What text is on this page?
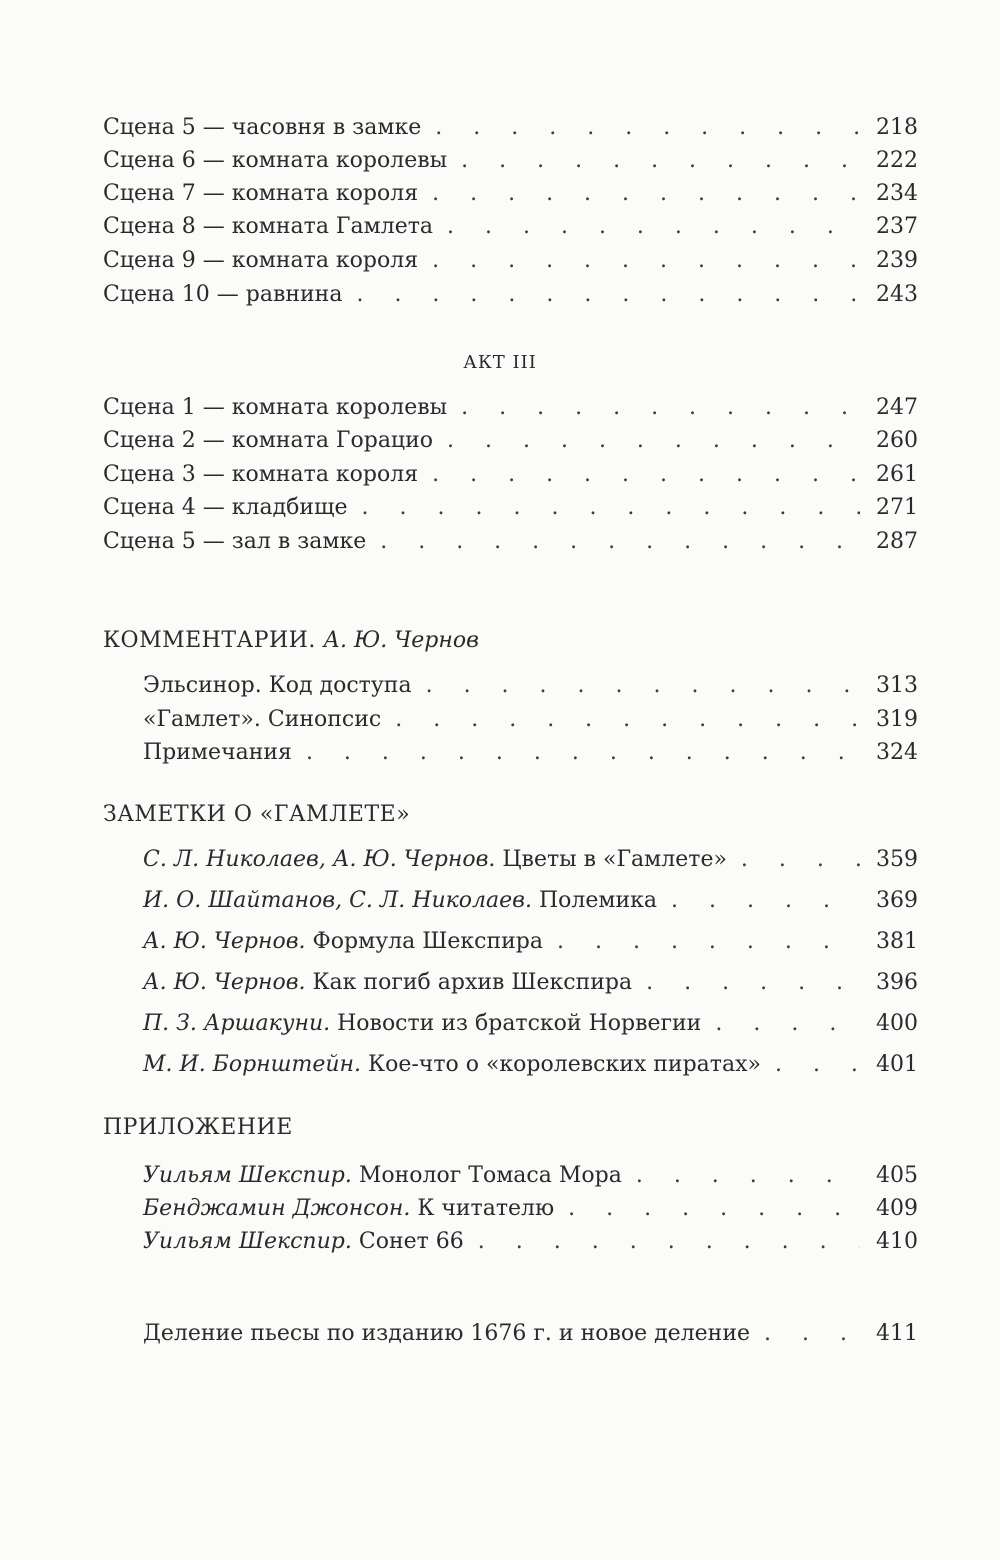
Сцена 5 — часовня в замке . . .	218
Сцена 6 — комната королевы . . .	222
Сцена 7 — комната короля . . .	234
Сцена 8 — комната Гамлета . . .	237
Сцена 9 — комната короля . . .	239
Сцена 10 — равнина . . .	243
АКТ III
Сцена 1 — комната королевы . . .	247
Сцена 2 — комната Горацио . . .	260
Сцена 3 — комната короля . . .	261
Сцена 4 — кладбище . . .	271
Сцена 5 — зал в замке . . .	287
КОММЕНТАРИИ. А. Ю. Чернов
Эльсинор. Код доступа . . .	313
«Гамлет». Синопсис . . .	319
Примечания . . .	324
ЗАМЕТКИ О «ГАМЛЕТЕ»
С. Л. Николаев, А. Ю. Чернов. Цветы в «Гамлете» . . .	359
И. О. Шайтанов, С. Л. Николаев. Полемика . . .	369
А. Ю. Чернов. Формула Шекспира . . .	381
А. Ю. Чернов. Как погиб архив Шекспира . . .	396
П. З. Аршакуни. Новости из братской Норвегии . . .	400
М. И. Борнштейн. Кое-что о «королевских пиратах» . . .	401
ПРИЛОЖЕНИЕ
Уильям Шекспир. Монолог Томаса Мора . . .	405
Бенджамин Джонсон. К читателю . . .	409
Уильям Шекспир. Сонет 66 . . .	410
Деление пьесы по изданию 1676 г. и новое деление . . .	411
